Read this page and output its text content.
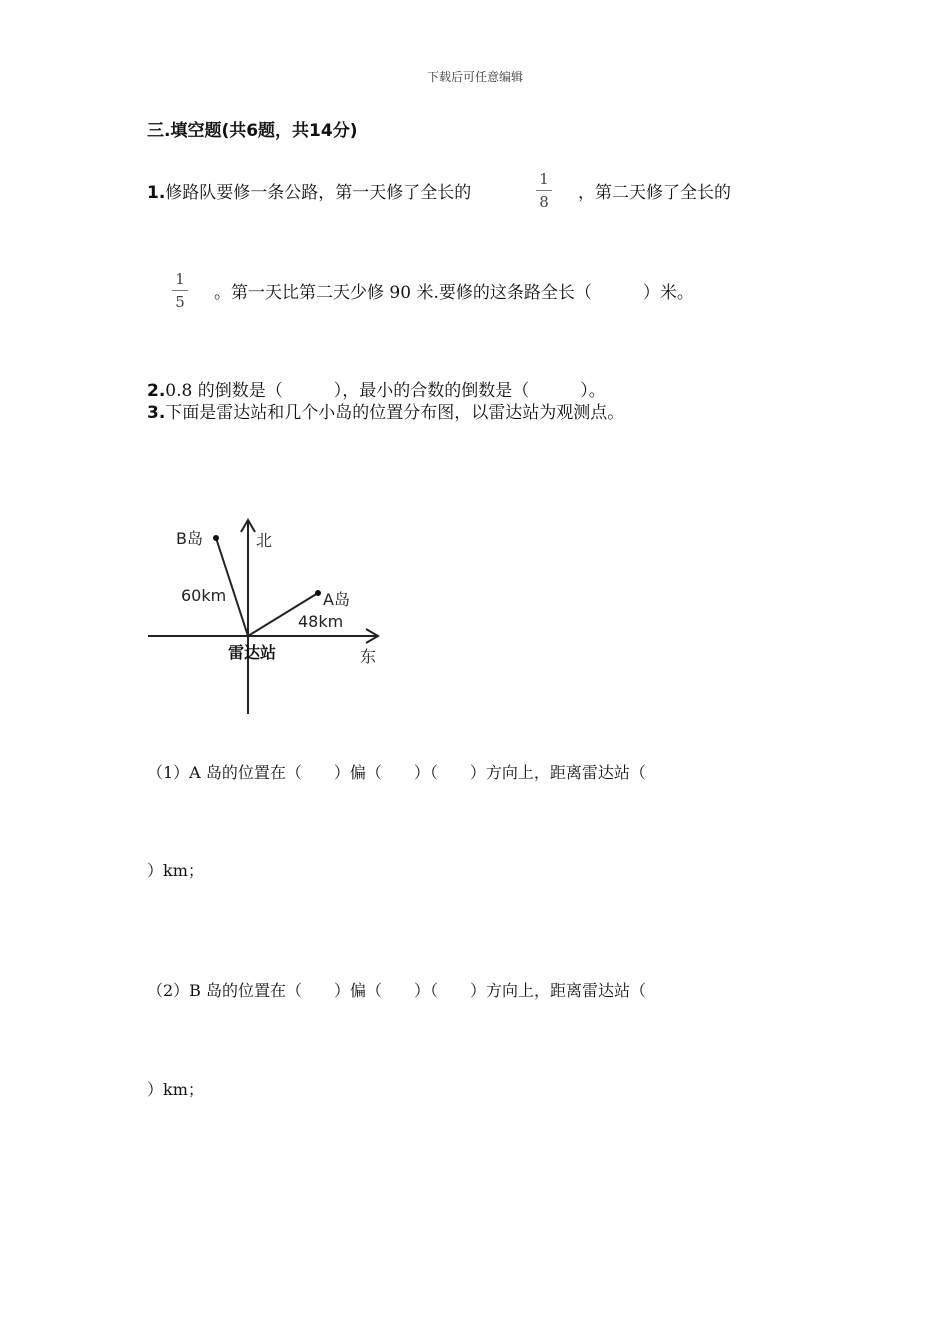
下载后可任意编辑
三.填空题(共6题，共14分)
1.修路队要修一条公路，第一天修了全长的
1
8	，第二天修了全长的
1
5	。第一天比第二天少修 90 米.要修的这条路全长（　　　）米。
2.0.8 的倒数是（　　　），最小的合数的倒数是（　　　）。
3.下面是雷达站和几个小岛的位置分布图，以雷达站为观测点。
北
东
B岛
A岛
60km
48km
雷达站
（1）A 岛的位置在（　　）偏（　　）（　　）方向上，距离雷达站（
）km；
（2）B 岛的位置在（　　）偏（　　）（　　）方向上，距离雷达站（
）km；
